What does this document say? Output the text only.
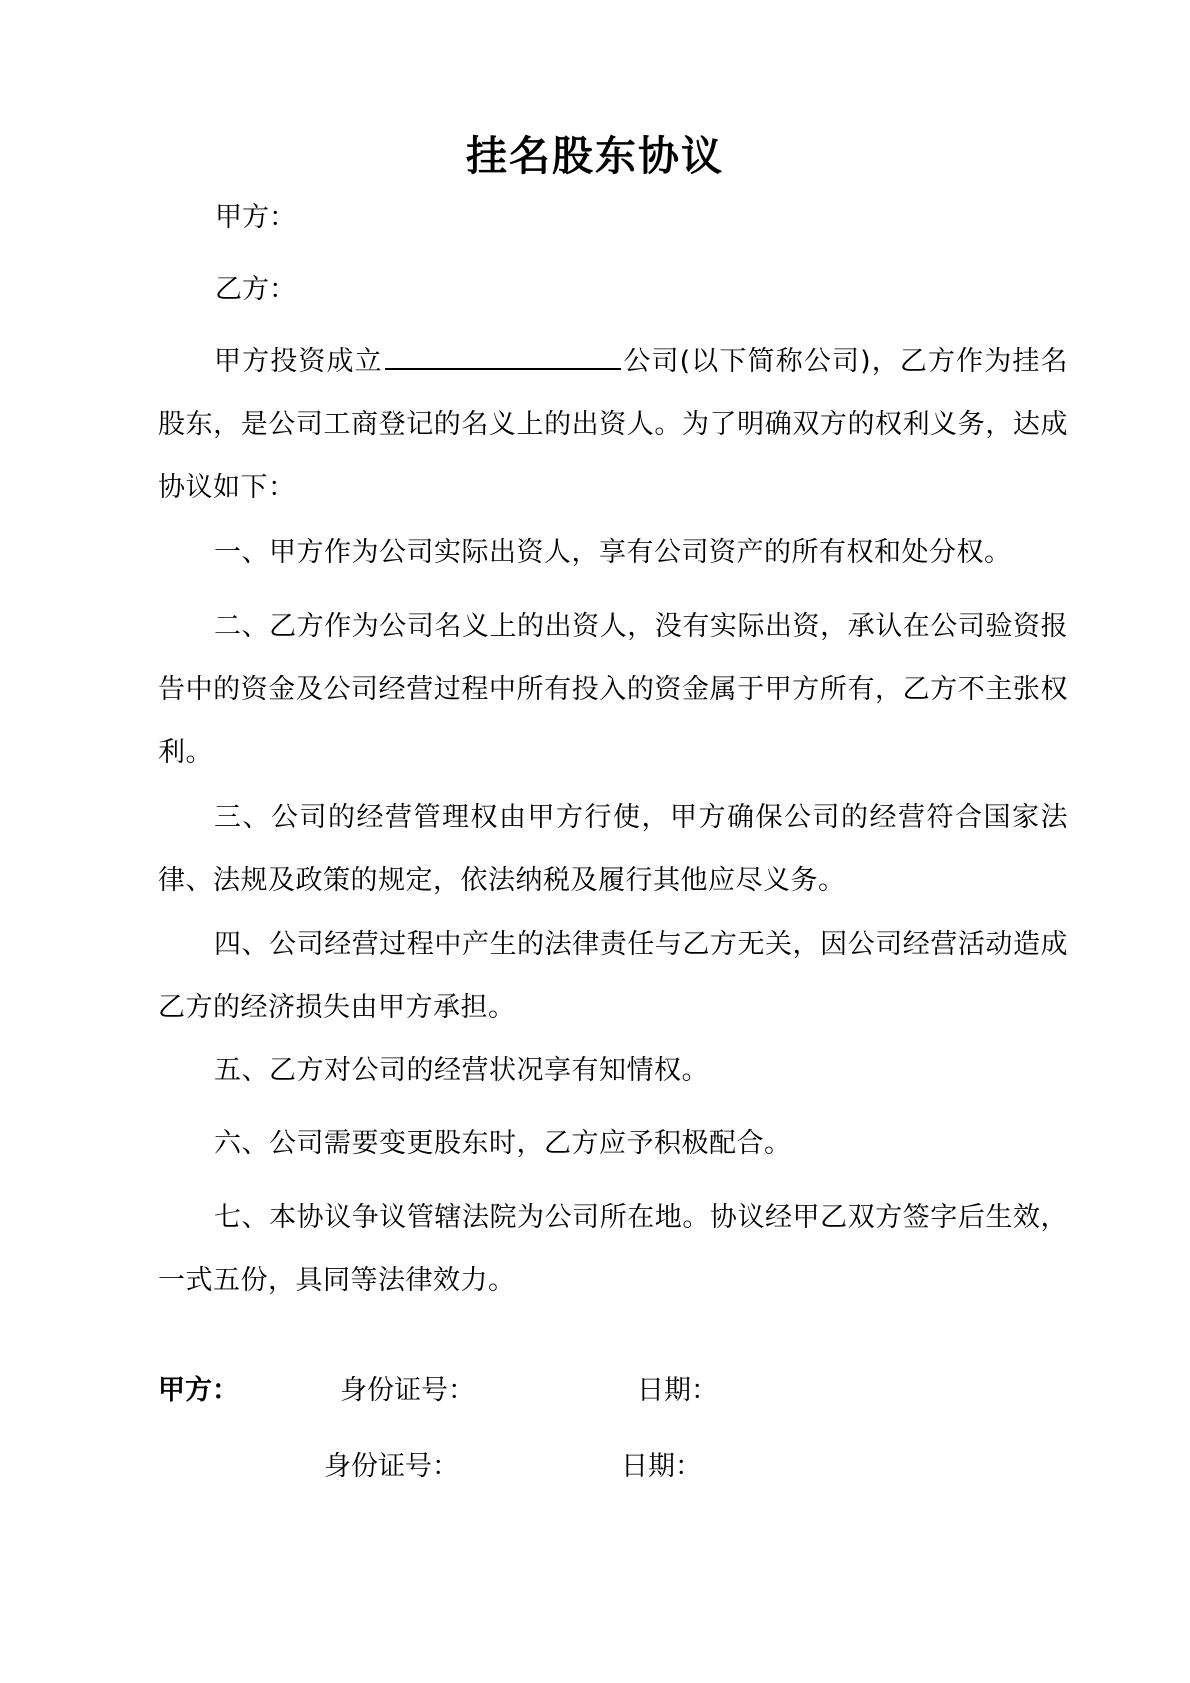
挂名股东协议
甲方：
乙方：
甲方投资成立	公司(以下简称公司)，乙方作为挂名股东，是公司工商登记的名义上的出资人。为了明确双方的权利义务，达成协议如下：
一、甲方作为公司实际出资人，享有公司资产的所有权和处分权。
二、乙方作为公司名义上的出资人，没有实际出资，承认在公司验资报告中的资金及公司经营过程中所有投入的资金属于甲方所有，乙方不主张权利。
三、公司的经营管理权由甲方行使，甲方确保公司的经营符合国家法律、法规及政策的规定，依法纳税及履行其他应尽义务。
四、公司经营过程中产生的法律责任与乙方无关，因公司经营活动造成乙方的经济损失由甲方承担。
五、乙方对公司的经营状况享有知情权。
六、公司需要变更股东时，乙方应予积极配合。
七、本协议争议管辖法院为公司所在地。协议经甲乙双方签字后生效，一式五份，具同等法律效力。
甲方：	身份证号：	日期：
身份证号：	日期：
